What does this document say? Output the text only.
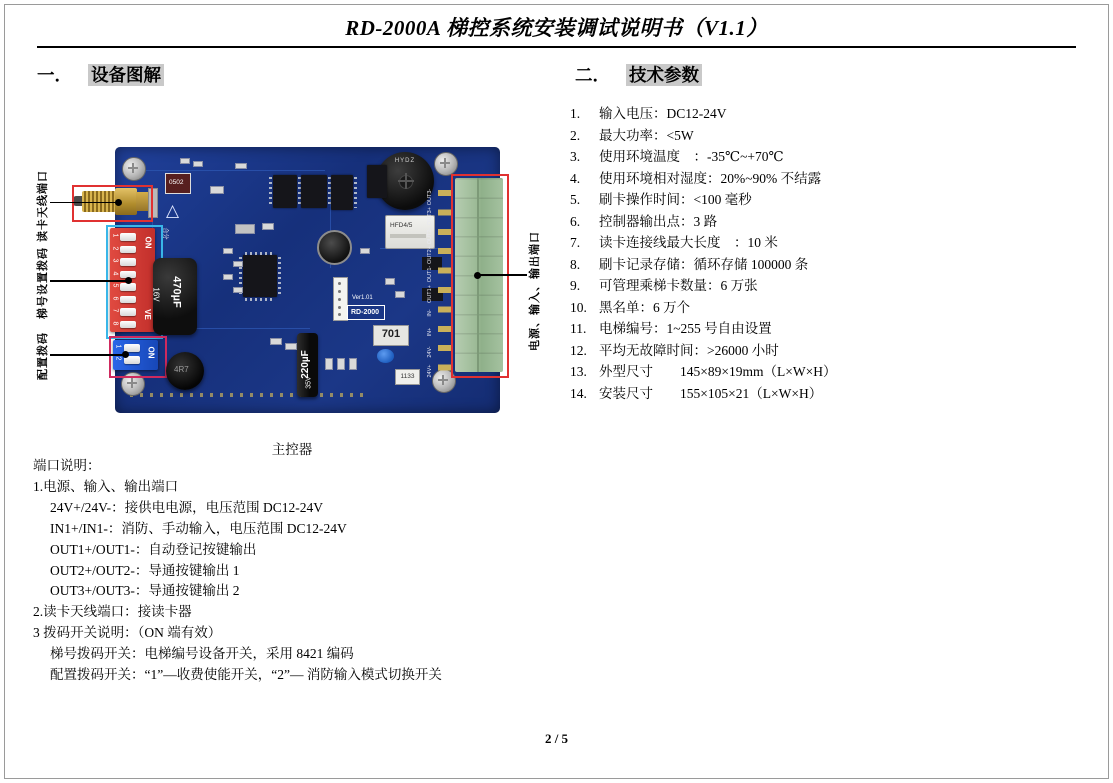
RD-2000A 梯控系统安装调试说明书（V1.1）
一． 设备图解	二． 技术参数
HYDZ
1
2
3
4
5
6
7
8
ON
VE
合分
470µF
16V
1
2	ON
4R7
0502
△
HFD4/5
Ver1.01
RD-2000
220µF
35V
701
1133
OUT3-
OUT3+
OUT2-
OUT2+
OUT1-
OUT1+
IN-
IN+
24V-
24V+
读卡天线端口
梯号设置拨码
配置拨码
电源、输入、输出端口
主控器
端口说明：
1.电源、输入、输出端口
24V+/24V-：接供电电源，电压范围 DC12-24V
IN1+/IN1-：消防、手动输入，电压范围 DC12-24V
OUT1+/OUT1-：自动登记按键输出
OUT2+/OUT2-：导通按键输出 1
OUT3+/OUT3-：导通按键输出 2
2.读卡天线端口：接读卡器
3 拨码开关说明：（ON 端有效）
梯号拨码开关：电梯编号设备开关，采用 8421 编码
配置拨码开关：“1”—收费使能开关，“2”— 消防输入模式切换开关
1.	输入电压：DC12-24V
2.	最大功率：<5W
3.	使用环境温度　：-35℃~+70℃
4.	使用环境相对湿度：20%~90% 不结露
5.	刷卡操作时间：<100 毫秒
6.	控制器输出点：3 路
7.	读卡连接线最大长度　：10 米
8.	刷卡记录存储：循环存储 100000 条
9.	可管理乘梯卡数量：6 万张
10. 黑名单：6 万个
11. 电梯编号：1~255 号自由设置
12. 平均无故障时间：>26000 小时
13. 外型尺寸　　145×89×19mm（L×W×H）
14. 安装尺寸　　155×105×21（L×W×H）
2 / 5
